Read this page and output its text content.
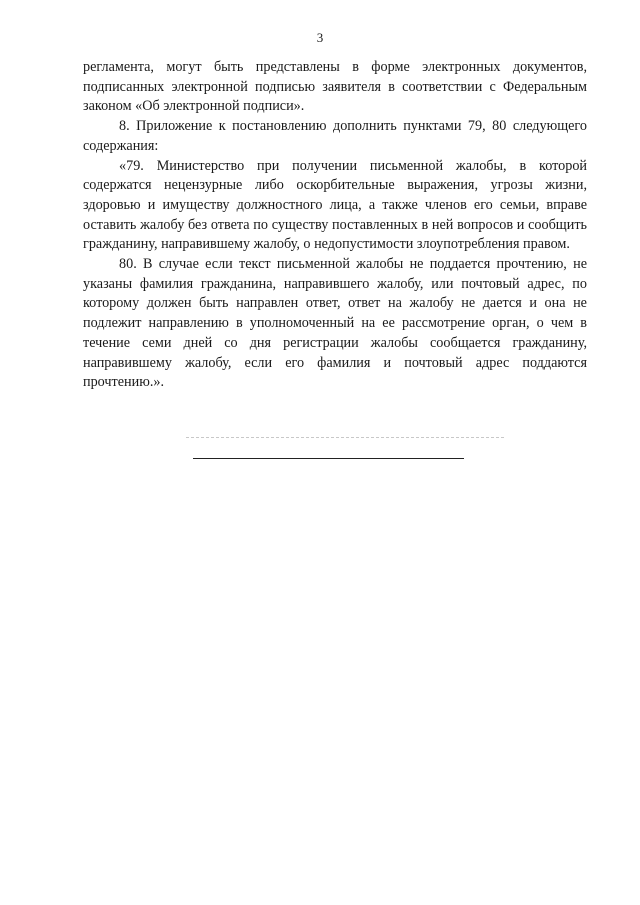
3

регламента, могут быть представлены в форме электронных документов, подписанных электронной подписью заявителя в соответствии с Федеральным законом «Об электронной подписи».

8. Приложение к постановлению дополнить пунктами 79, 80 следующего содержания:

«79. Министерство при получении письменной жалобы, в которой содержатся нецензурные либо оскорбительные выражения, угрозы жизни, здоровью и имуществу должностного лица, а также членов его семьи, вправе оставить жалобу без ответа по существу поставленных в ней вопросов и сообщить гражданину, направившему жалобу, о недопустимости злоупотребления правом.

80. В случае если текст письменной жалобы не поддается прочтению, не указаны фамилия гражданина, направившего жалобу, или почтовый адрес, по которому должен быть направлен ответ, ответ на жалобу не дается и она не подлежит направлению в уполномоченный на ее рассмотрение орган, о чем в течение семи дней со дня регистрации жалобы сообщается гражданину, направившему жалобу, если его фамилия и почтовый адрес поддаются прочтению.».
